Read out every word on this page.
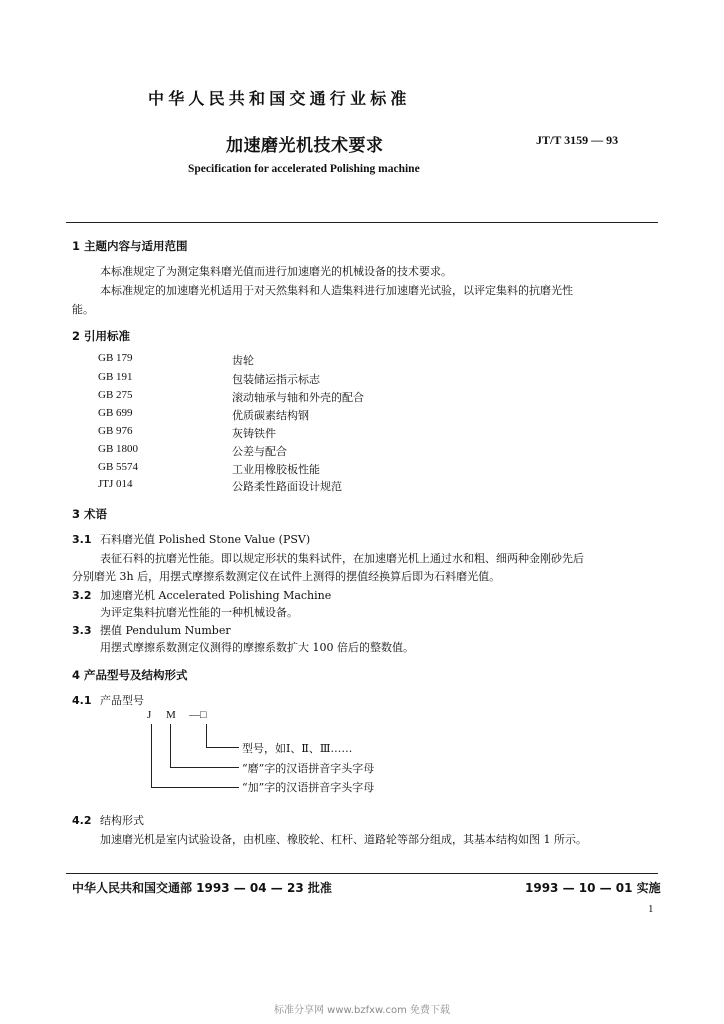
中华人民共和国交通行业标准
加速磨光机技术要求	JT/T 3159 — 93
Specification for accelerated Polishing machine
1 主题内容与适用范围
本标准规定了为测定集料磨光值而进行加速磨光的机械设备的技术要求。
本标准规定的加速磨光机适用于对天然集料和人造集料进行加速磨光试验，以评定集料的抗磨光性
能。
2 引用标准
GB 179	齿轮
GB 191	包装储运指示标志
GB 275	滚动轴承与轴和外壳的配合
GB 699	优质碳素结构钢
GB 976	灰铸铁件
GB 1800	公差与配合
GB 5574	工业用橡胶板性能
JTJ 014	公路柔性路面设计规范
3 术语
3.1 石料磨光值 Polished Stone Value (PSV)
表征石料的抗磨光性能。即以规定形状的集料试件，在加速磨光机上通过水和粗、细两种金刚砂先后
分别磨光 3h 后，用摆式摩擦系数测定仪在试件上测得的摆值经换算后即为石料磨光值。
3.2 加速磨光机 Accelerated Polishing Machine
为评定集料抗磨光性能的一种机械设备。
3.3 摆值 Pendulum Number
用摆式摩擦系数测定仪测得的摩擦系数扩大 100 倍后的整数值。
4 产品型号及结构形式
4.1 产品型号
J M —□
型号，如Ⅰ、Ⅱ、Ⅲ……
“磨”字的汉语拼音字头字母
“加”字的汉语拼音字头字母
4.2 结构形式
加速磨光机是室内试验设备，由机座、橡胶轮、杠杆、道路轮等部分组成，其基本结构如图 1 所示。
中华人民共和国交通部 1993 — 04 — 23 批准	1993 — 10 — 01 实施
1
标准分享网 www.bzfxw.com 免费下载
